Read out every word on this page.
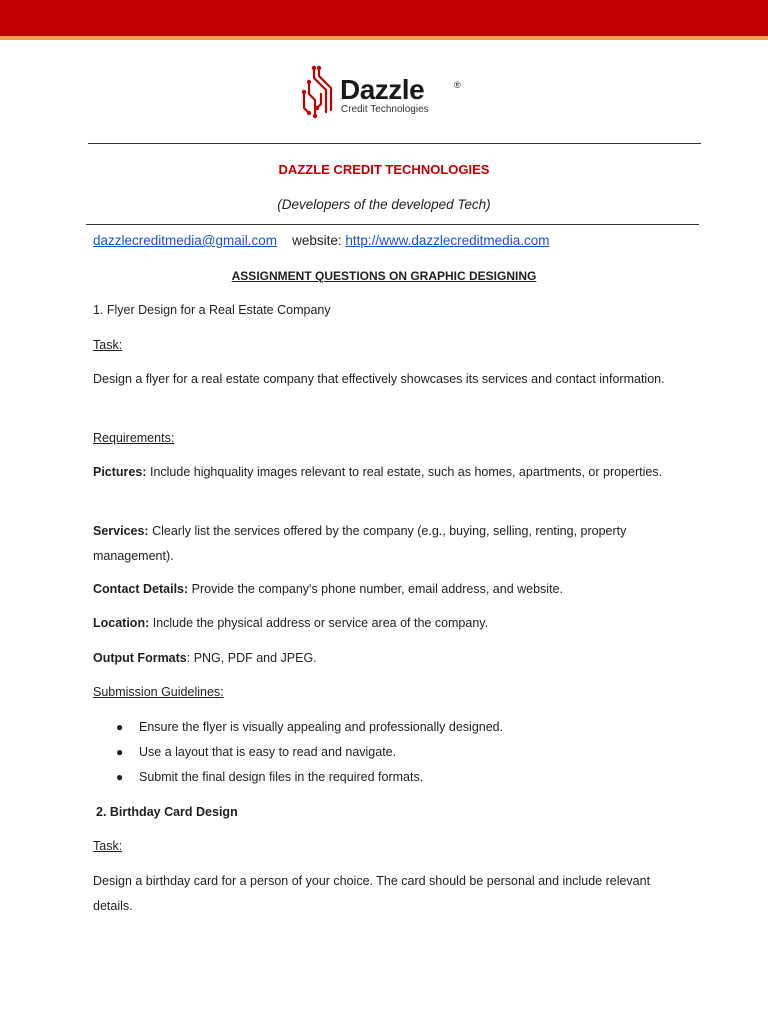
Dazzle	®
Credit Technologies
DAZZLE CREDIT TECHNOLOGIES
(Developers of the developed Tech)
dazzlecreditmedia@gmail.com website: http://www.dazzlecreditmedia.com
ASSIGNMENT QUESTIONS ON GRAPHIC DESIGNING
1. Flyer Design for a Real Estate Company
Task:
Design a flyer for a real estate company that effectively showcases its services and contact information.
Requirements:
Pictures: Include highquality images relevant to real estate, such as homes, apartments, or properties.
Services: Clearly list the services offered by the company (e.g., buying, selling, renting, property management).
Contact Details: Provide the company's phone number, email address, and website.
Location: Include the physical address or service area of the company.
Output Formats: PNG, PDF and JPEG.
Submission Guidelines:
● Ensure the flyer is visually appealing and professionally designed.
● Use a layout that is easy to read and navigate.
● Submit the final design files in the required formats.
2. Birthday Card Design
Task:
Design a birthday card for a person of your choice. The card should be personal and include relevant details.
